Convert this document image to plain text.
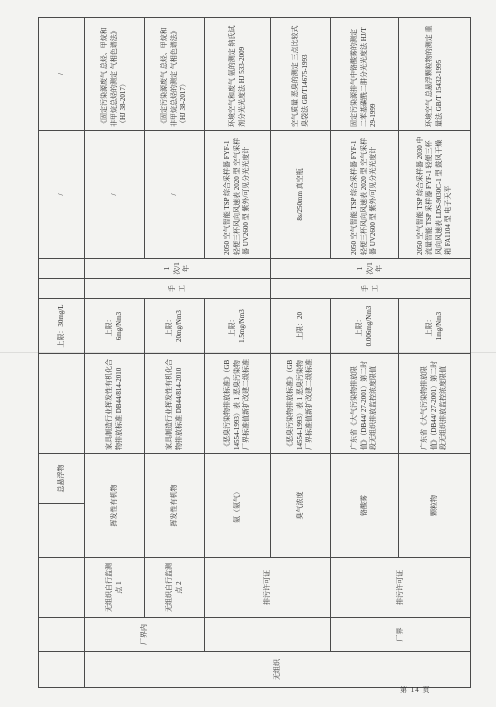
				总悬浮物		上限：30mg/L			/	/
无组织	厂界内	无组织自行监测点 1	挥发性有机物		家具制造行业挥发性有机化合物排放标准 DB44/814-2010	上限：6mg/Nm3	手工	1 次/1 年	/	《固定污染源废气 总烃、甲烷和非甲烷总烃的测定 气相色谱法》（HJ 38-2017）
		无组织自行监测点 2	挥发性有机物		家具制造行业挥发性有机化合物排放标准 DB44/814-2010	上限：20mg/Nm3			/	《固定污染源废气 总烃、甲烷和非甲烷总烃的测定 气相色谱法》（HJ 38-2017）
		排污许可证	氨（氨气）		《恶臭污染物排放标准》（GB 14554-1993）表 1 恶臭污染物厂界标准值新扩改建二级标准	上限：1.5mg/Nm3			2050 空气智能 TSP 综合采样器 FYF-1 轻便三杯风向风速表 2020 型 空气采样器 UV2600 型 紫外/可见分光光度计	环境空气和废气 氨的测定 纳氏试剂分光光度法 HJ 533-2009
			臭气浓度		《恶臭污染物排放标准》（GB 14554-1993）表 1 恶臭污染物厂界标准值新扩改建二级标准	上限：20	手工	1 次/1 年	8s/250mm 真空瓶	空气质量 恶臭的测定 三点比较式臭袋法 GB/T14675-1993
	厂界	排污许可证	铬酸雾		广东省《大气污染物排放限值》（DB44/ 27-2001）第二时段无组织排放监控浓度限值	上限：0.006mg/Nm3			2050 空气智能 TSP 综合采样器 FYF-1 轻便三杯风向风速表 2020 型 空气采样器 UV2600 型 紫外/可见分光光度计	固定污染源排气中铬酸雾的测定 二苯基碳酰二肼分光光度法 HJ/T 29-1999
			颗粒物		广东省《大气污染物排放限值》（DB44/ 27-2001）第二时段无组织排放监控浓度限值	上限：1mg/Nm3			2050 空气智能 TSP 综合采样器 2030 中流量智能 TSP 采样器 FYF-1 轻便三杯风向风速表 LDS-9030C-1 型 鼓风干燥箱 FA1104 型 电子天平	环境空气 总悬浮颗粒物的测定 重量法 GB/T 15432-1995
第 14 页
